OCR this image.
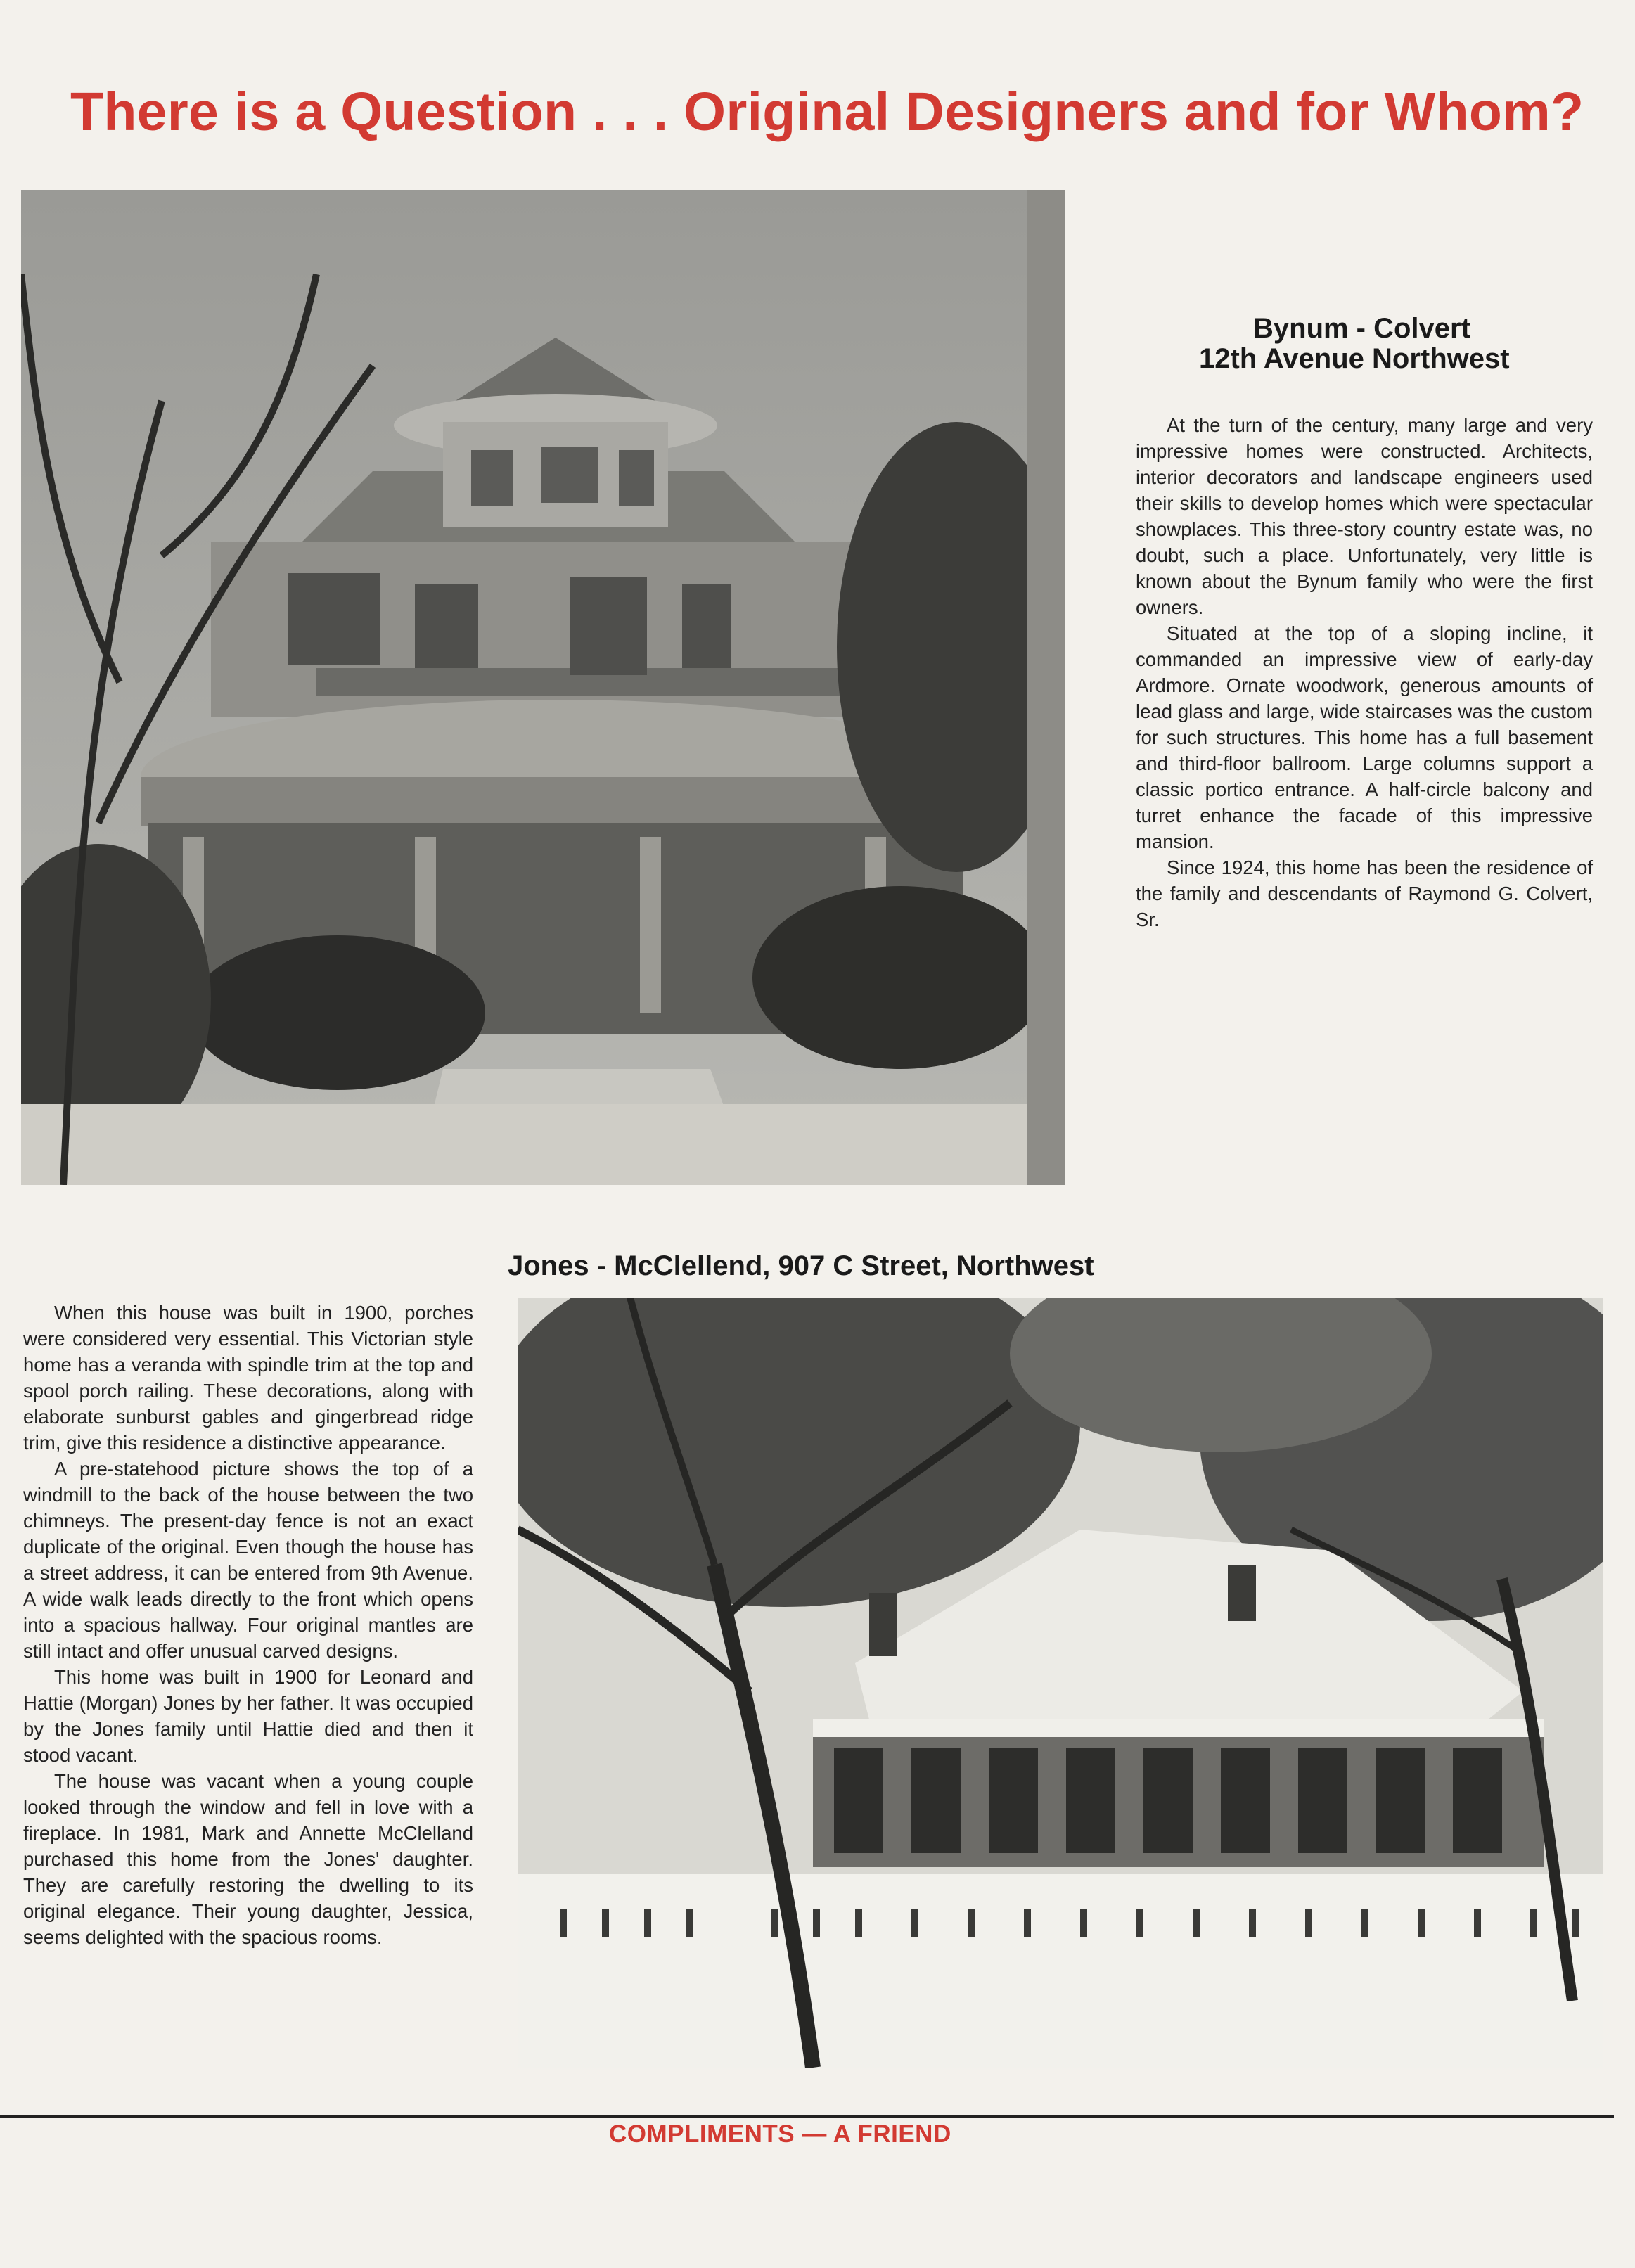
There is a Question . . . Original Designers and for Whom?
Bynum - Colvert
12th Avenue Northwest

At the turn of the century, many large and very impressive homes were constructed. Architects, interior decorators and landscape engineers used their skills to develop homes which were spectacular showplaces. This three-story country estate was, no doubt, such a place. Unfortunately, very little is known about the Bynum family who were the first owners.

Situated at the top of a sloping incline, it commanded an impressive view of early-day Ardmore. Ornate woodwork, generous amounts of lead glass and large, wide staircases was the custom for such structures. This home has a full basement and third-floor ballroom. Large columns support a classic portico entrance. A half-circle balcony and turret enhance the facade of this impressive mansion.

Since 1924, this home has been the residence of the family and descendants of Raymond G. Colvert, Sr.

Jones - McClellend, 907 C Street, Northwest

When this house was built in 1900, porches were considered very essential. This Victorian style home has a veranda with spindle trim at the top and spool porch railing. These decorations, along with elaborate sunburst gables and gingerbread ridge trim, give this residence a distinctive appearance.

A pre-statehood picture shows the top of a windmill to the back of the house between the two chimneys. The present-day fence is not an exact duplicate of the original. Even though the house has a street address, it can be entered from 9th Avenue. A wide walk leads directly to the front which opens into a spacious hallway. Four original mantles are still intact and offer unusual carved designs.

This home was built in 1900 for Leonard and Hattie (Morgan) Jones by her father. It was occupied by the Jones family until Hattie died and then it stood vacant.

The house was vacant when a young couple looked through the window and fell in love with a fireplace. In 1981, Mark and Annette McClelland purchased this home from the Jones' daughter. They are carefully restoring the dwelling to its original elegance. Their young daughter, Jessica, seems delighted with the spacious rooms.

COMPLIMENTS — A FRIEND
